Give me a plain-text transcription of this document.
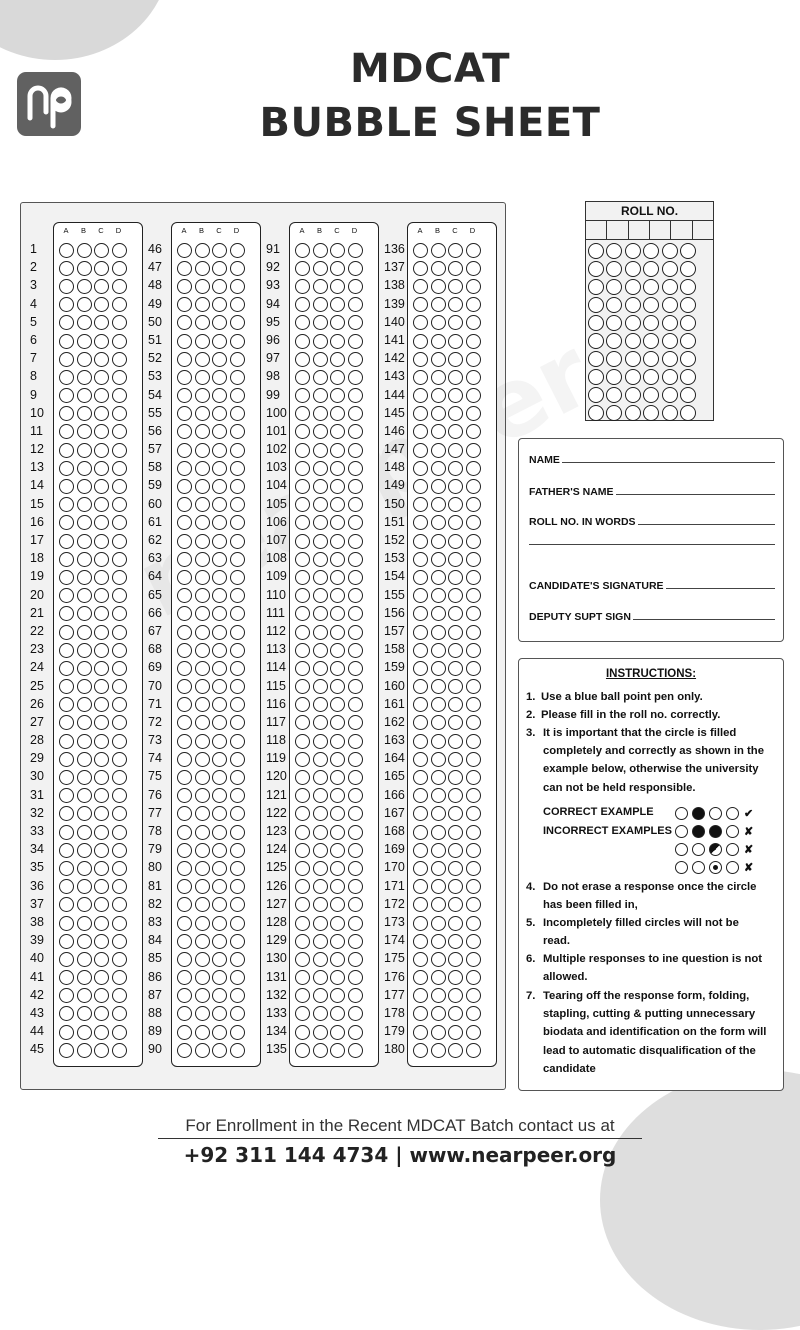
MDCAT
BUBBLE SHEET
1
2
3
4
5
6
7
8
9
10
11
12
13
14
15
16
17
18
19
20
21
22
23
24
25
26
27
28
29
30
31
32
33
34
35
36
37
38
39
40
41
42
43
44
45
46
47
48
49
50
51
52
53
54
55
56
57
58
59
60
61
62
63
64
65
66
67
68
69
70
71
72
73
74
75
76
77
78
79
80
81
82
83
84
85
86
87
88
89
90
91
92
93
94
95
96
97
98
99
100
101
102
103
104
105
106
107
108
109
110
111
112
113
114
115
116
117
118
119
120
121
122
123
124
125
126
127
128
129
130
131
132
133
134
135
136
137
138
139
140
141
142
143
144
145
146
147
148
149
150
151
152
153
154
155
156
157
158
159
160
161
162
163
164
165
166
167
168
169
170
171
172
173
174
175
176
177
178
179
180
A	B	C	D	A	B	C	D	A	B	C	D	A	B	C	D
ROLL NO.
NAME
FATHER'S NAME
ROLL NO. IN WORDS
CANDIDATE'S SIGNATURE
DEPUTY SUPT SIGN
INSTRUCTIONS:
1. Use a blue ball point pen only.
2. Please fill in the roll no. correctly.
3. It is important that the circle is filled completely and correctly as shown in the example below, otherwise the university can not be held responsible.
CORRECT EXAMPLE	✔
INCORRECT EXAMPLES	✘
✘
✘
4. Do not erase a response once the circle has been filled in,
5. Incompletely filled circles will not be read.
6. Multiple responses to ine question is not allowed.
7. Tearing off the response form, folding, stapling, cutting & putting unnecessary biodata and identification on the form will lead to automatic disqualification of the candidate
For Enrollment in the Recent MDCAT Batch contact us at
+92 311 144 4734 | www.nearpeer.org
